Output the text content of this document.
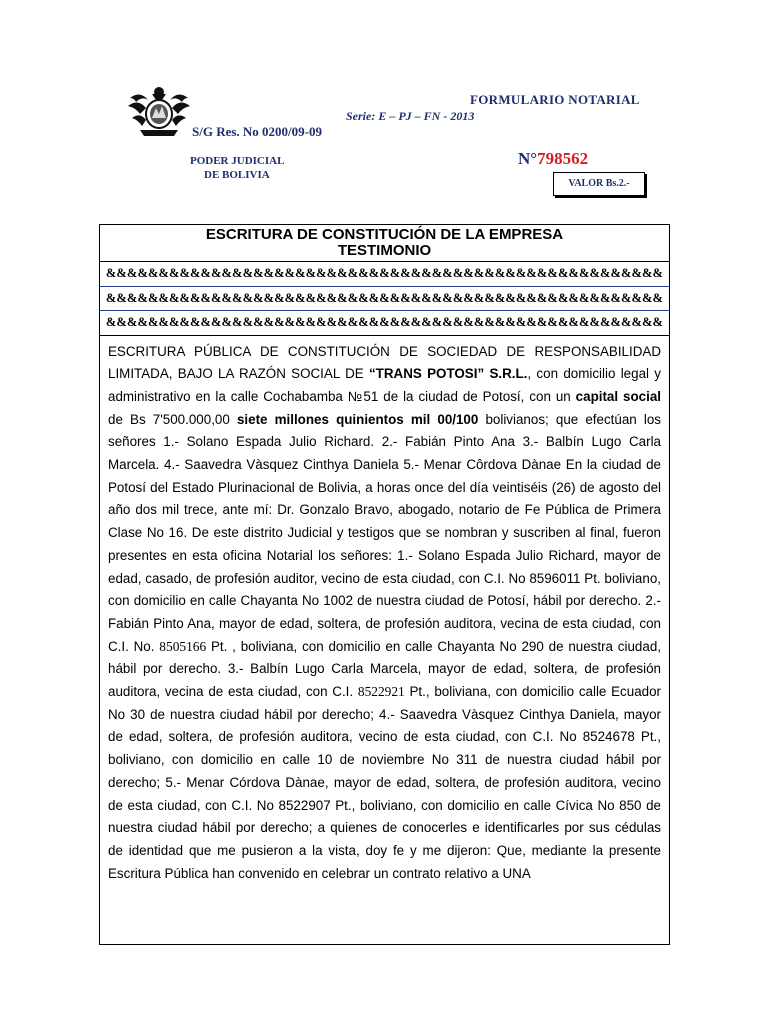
FORMULARIO NOTARIAL
Serie: E – PJ – FN - 2013
S/G Res. No 0200/09-09
PODER JUDICIAL
DE BOLIVIA
N°798562
VALOR Bs.2.-
ESCRITURA DE CONSTITUCIÓN DE LA EMPRESA
TESTIMONIO
&&&&&&&&&&&&&&&&&&&&&&&&&&&&&&&&&&&&&&&&&&&&&&&&&&&&&
&&&&&&&&&&&&&&&&&&&&&&&&&&&&&&&&&&&&&&&&&&&&&&&&&&&&&
&&&&&&&&&&&&&&&&&&&&&&&&&&&&&&&&&&&&&&&&&&&&&&&&&&&&&
ESCRITURA PÚBLICA DE CONSTITUCIÓN DE SOCIEDAD DE RESPONSABILIDAD LIMITADA, BAJO LA RAZÓN SOCIAL DE “TRANS POTOSI” S.R.L., con domicilio legal y administrativo en la calle Cochabamba №51 de la ciudad de Potosí, con un capital social de Bs 7'500.000,00 siete millones quinientos mil 00/100 bolivianos; que efectúan los señores 1.- Solano Espada Julio Richard. 2.- Fabián Pinto Ana 3.- Balbín Lugo Carla Marcela. 4.- Saavedra Vàsquez Cinthya Daniela 5.- Menar Côrdova Dànae En la ciudad de Potosí del Estado Plurinacional de Bolivia, a horas once del día veintiséis (26) de agosto del año dos mil trece, ante mí: Dr. Gonzalo Bravo, abogado, notario de Fe Pública de Primera Clase No 16. De este distrito Judicial y testigos que se nombran y suscriben al final, fueron presentes en esta oficina Notarial los señores: 1.- Solano Espada Julio Richard, mayor de edad, casado, de profesión auditor, vecino de esta ciudad, con C.I. No 8596011 Pt. boliviano, con domicilio en calle Chayanta No 1002 de nuestra ciudad de Potosí, hábil por derecho. 2.- Fabián Pinto Ana, mayor de edad, soltera, de profesión auditora, vecina de esta ciudad, con C.I. No. 8505166 Pt. , boliviana, con domicilio en calle Chayanta No 290 de nuestra ciudad, hábil por derecho. 3.- Balbín Lugo Carla Marcela, mayor de edad, soltera, de profesión auditora, vecina de esta ciudad, con C.I. 8522921 Pt., boliviana, con domicilio calle Ecuador No 30 de nuestra ciudad hábil por derecho; 4.- Saavedra Vàsquez Cinthya Daniela, mayor de edad, soltera, de profesión auditora, vecino de esta ciudad, con C.I. No 8524678 Pt., boliviano, con domicilio en calle 10 de noviembre No 311 de nuestra ciudad hábil por derecho; 5.- Menar Córdova Dànae, mayor de edad, soltera, de profesión auditora, vecino de esta ciudad, con C.I. No 8522907 Pt., boliviano, con domicilio en calle Cívica No 850 de nuestra ciudad hábil por derecho; a quienes de conocerles e identificarles por sus cédulas de identidad que me pusieron a la vista, doy fe y me dijeron: Que, mediante la presente Escritura Pública han convenido en celebrar un contrato relativo a UNA
